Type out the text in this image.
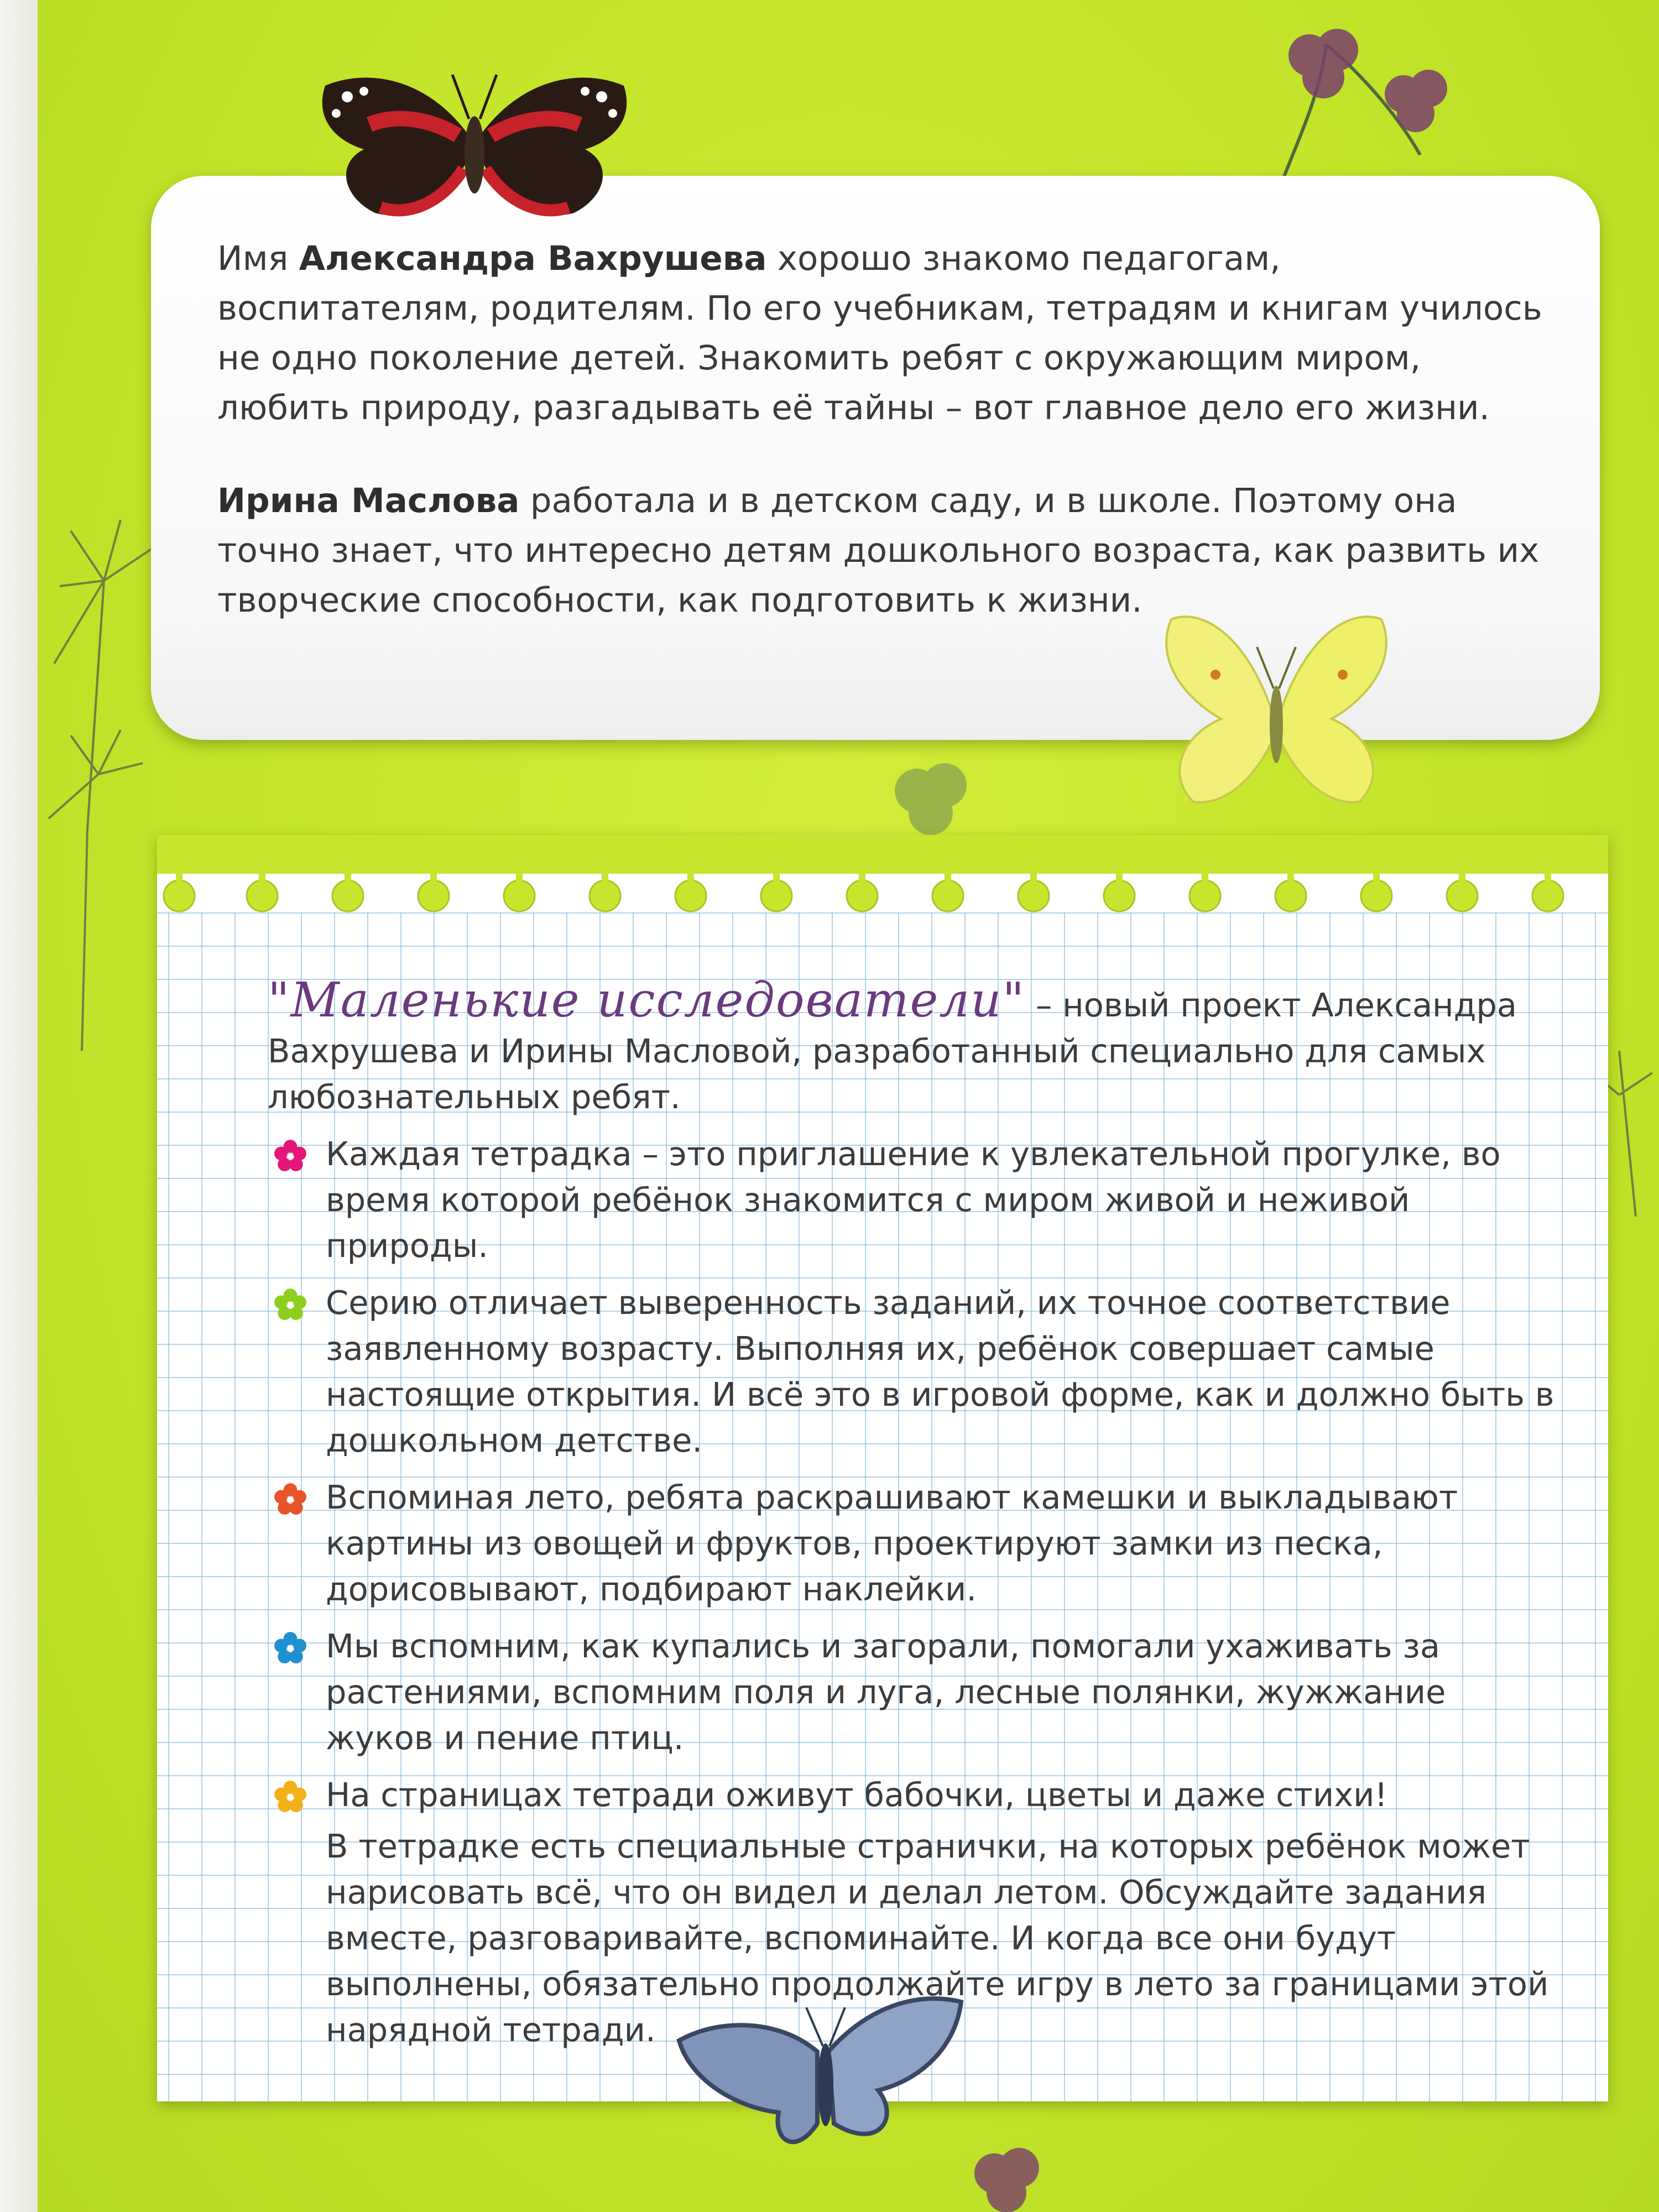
Имя Александра Вахрушева хорошо знакомо педагогам, воспитателям, родителям. По его учебникам, тетрадям и книгам училось не одно поколение детей. Знакомить ребят с окружающим миром, любить природу, разгадывать её тайны – вот главное дело его жизни.

Ирина Маслова работала и в детском саду, и в школе. Поэтому она точно знает, что интересно детям дошкольного возраста, как развить их творческие способности, как подготовить к жизни.

"Маленькие исследователи" – новый проект Александра Вахрушева и Ирины Масловой, разработанный специально для самых любознательных ребят.
Каждая тетрадка – это приглашение к увлекательной прогулке, во время которой ребёнок знакомится с миром живой и неживой природы.
Серию отличает выверенность заданий, их точное соответствие заявленному возрасту. Выполняя их, ребёнок совершает самые настоящие открытия. И всё это в игровой форме, как и должно быть в дошкольном детстве.
Вспоминая лето, ребята раскрашивают камешки и выкладывают картины из овощей и фруктов, проектируют замки из песка, дорисовывают, подбирают наклейки.
Мы вспомним, как купались и загорали, помогали ухаживать за растениями, вспомним поля и луга, лесные полянки, жужжание жуков и пение птиц.
На страницах тетради оживут бабочки, цветы и даже стихи!
В тетрадке есть специальные странички, на которых ребёнок может нарисовать всё, что он видел и делал летом. Обсуждайте задания вместе, разговаривайте, вспоминайте. И когда все они будут выполнены, обязательно продолжайте игру в лето за границами этой нарядной тетради.
